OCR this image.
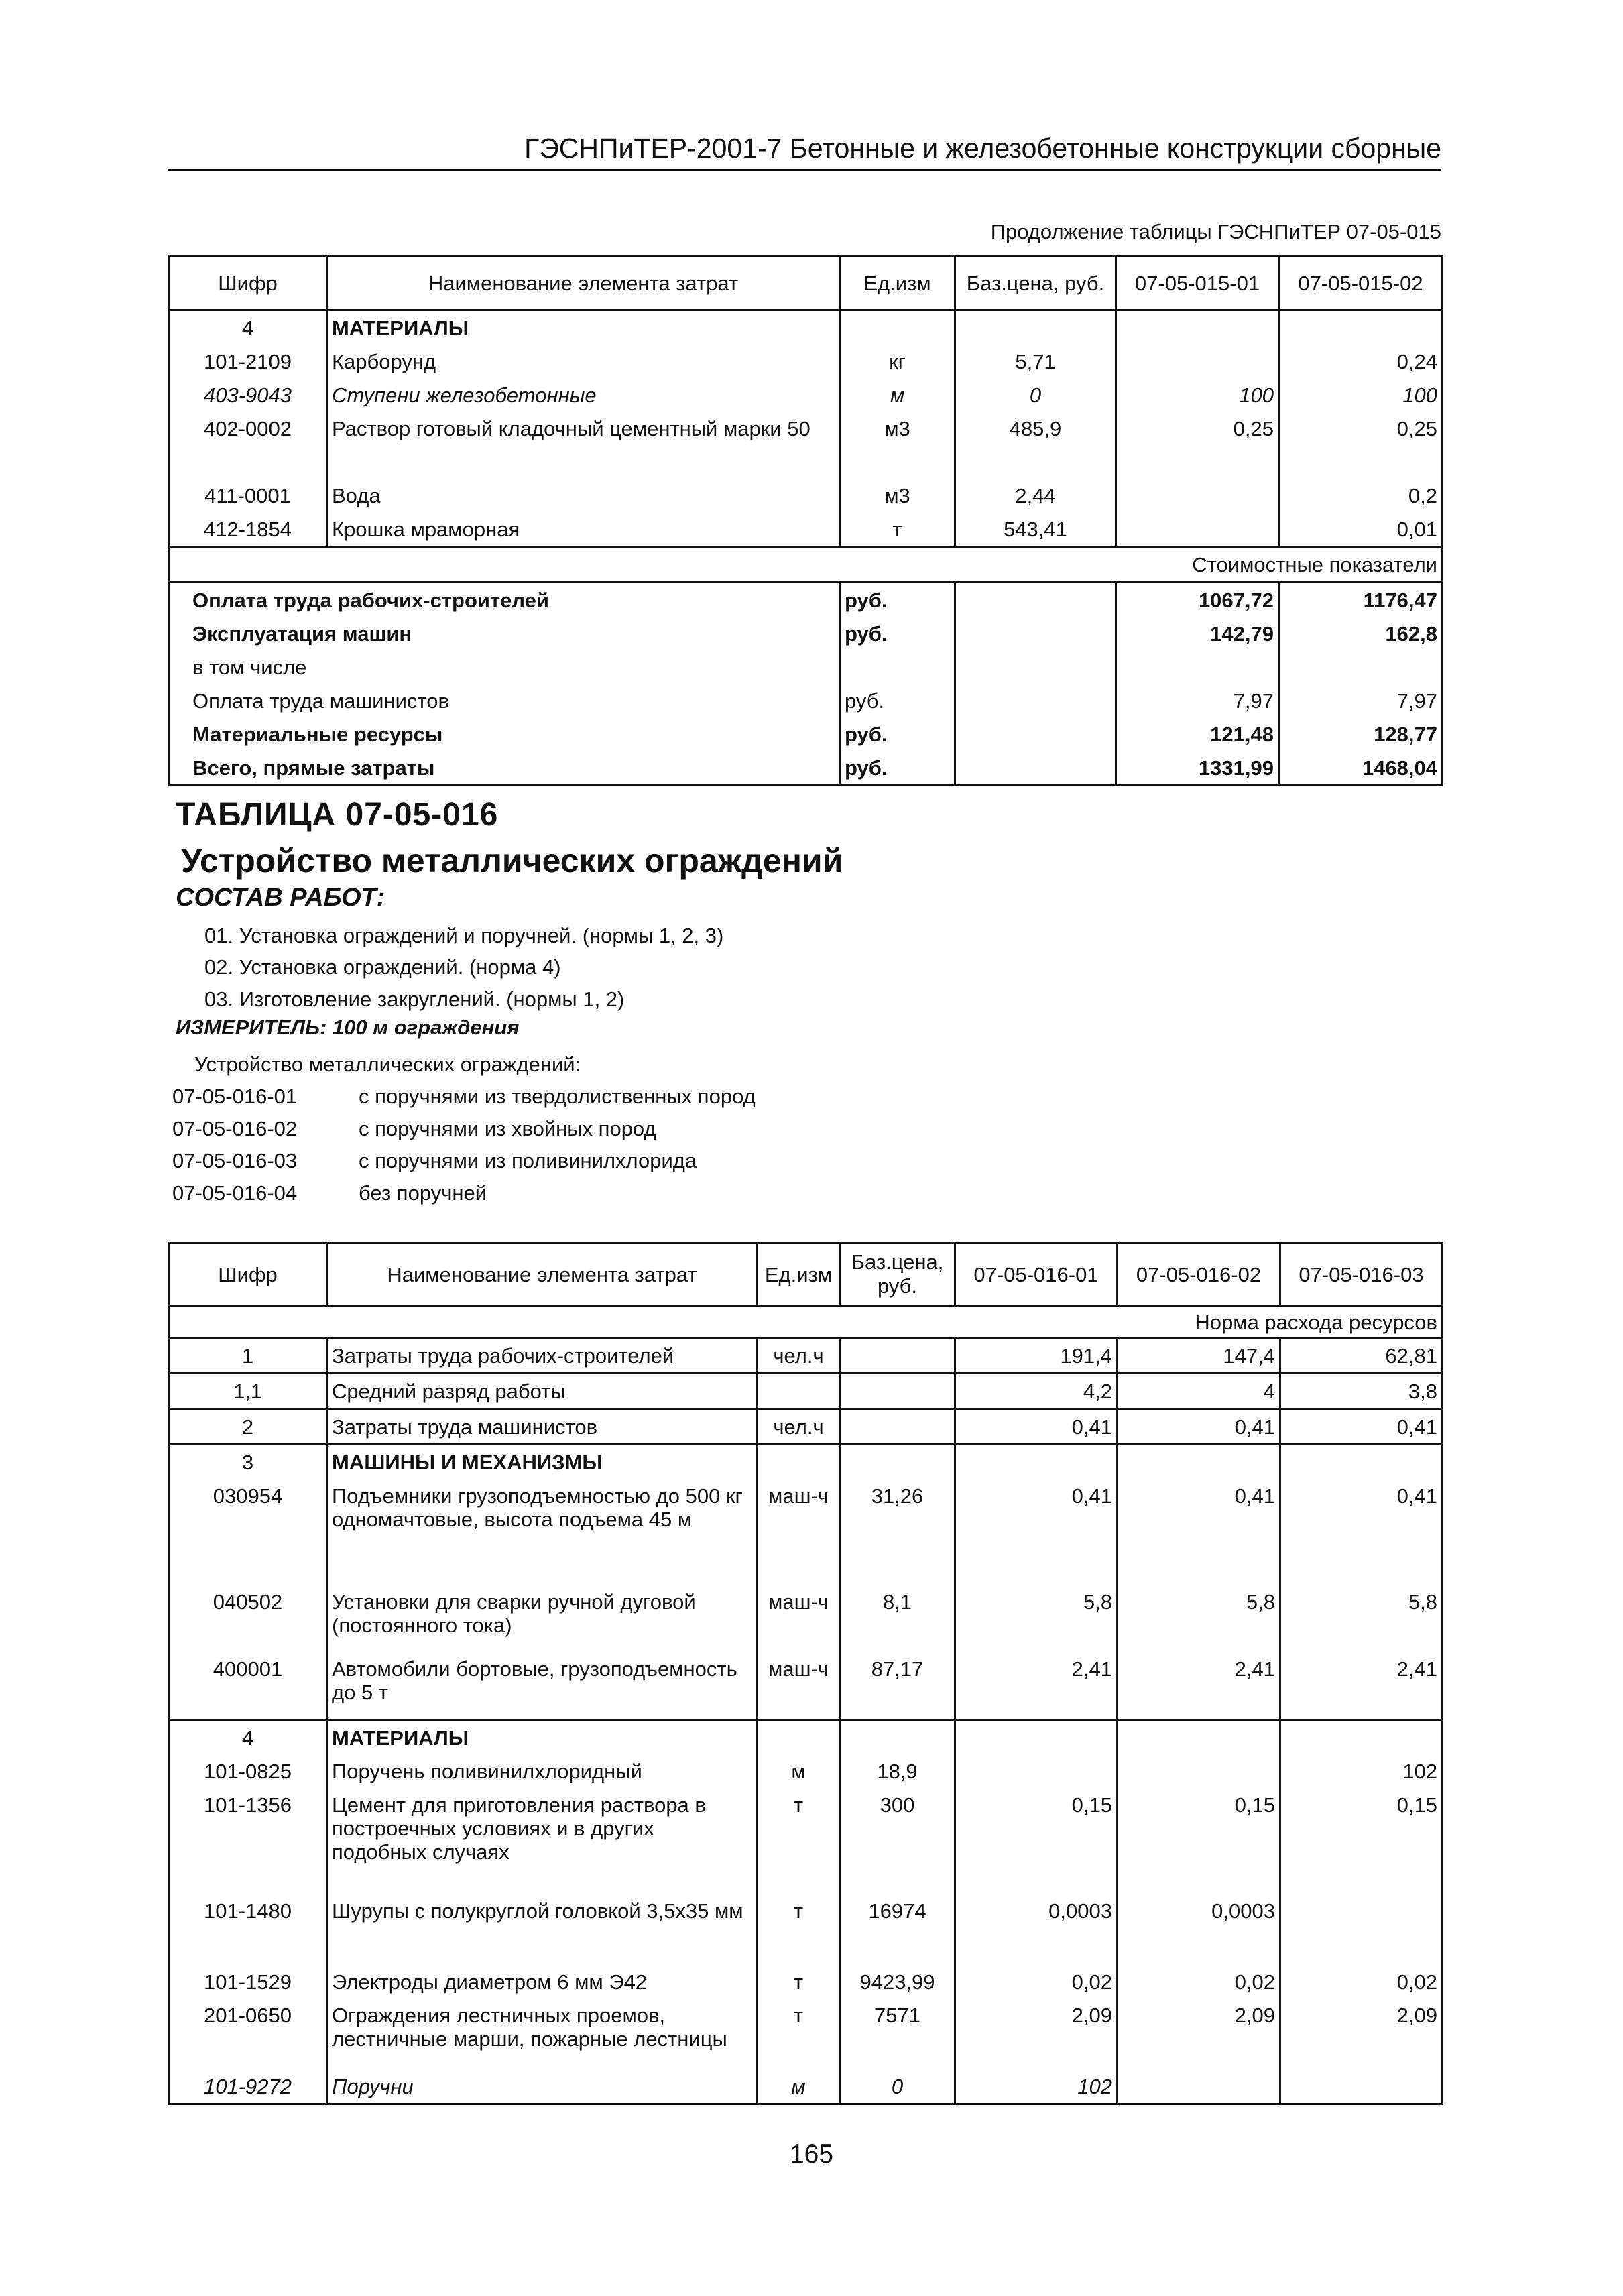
ГЭСНПиТЕР-2001-7 Бетонные и железобетонные конструкции сборные
Продолжение таблицы ГЭСНПиТЕР 07-05-015
Шифр	Наименование элемента затрат	Ед.изм	Баз.цена, руб.	07-05-015-01	07-05-015-02
4	МАТЕРИАЛЫ				
101-2109	Карборунд	кг	5,71		0,24
403-9043	Ступени железобетонные	м	0	100	100
402-0002	Раствор готовый кладочный цементный марки 50	м3	485,9	0,25	0,25
411-0001	Вода	м3	2,44		0,2
412-1854	Крошка мраморная	т	543,41		0,01
Стоимостные показатели					
Оплата труда рабочих-строителей		руб.		1067,72	1176,47
Эксплуатация машин		руб.		142,79	162,8
в том числе					
Оплата труда машинистов		руб.		7,97	7,97
Материальные ресурсы		руб.		121,48	128,77
Всего, прямые затраты		руб.		1331,99	1468,04
ТАБЛИЦА 07-05-016
Устройство металлических ограждений
СОСТАВ РАБОТ:
01. Установка ограждений и поручней. (нормы 1, 2, 3)
02. Установка ограждений. (норма 4)
03. Изготовление закруглений. (нормы 1, 2)
ИЗМЕРИТЕЛЬ: 100 м ограждения
Устройство металлических ограждений:
07-05-016-01	с поручнями из твердолиственных пород
07-05-016-02	с поручнями из хвойных пород
07-05-016-03	с поручнями из поливинилхлорида
07-05-016-04	без поручней
Шифр	Наименование элемента затрат	Ед.изм	Баз.цена, руб.	07-05-016-01	07-05-016-02	07-05-016-03
Норма расхода ресурсов						
1	Затраты труда рабочих-строителей	чел.ч		191,4	147,4	62,81
1,1	Средний разряд работы			4,2	4	3,8
2	Затраты труда машинистов	чел.ч		0,41	0,41	0,41
3	МАШИНЫ И МЕХАНИЗМЫ					
030954	Подъемники грузоподъемностью до 500 кг одномачтовые, высота подъема 45 м	маш-ч	31,26	0,41	0,41	0,41
040502	Установки для сварки ручной дуговой (постоянного тока)	маш-ч	8,1	5,8	5,8	5,8
400001	Автомобили бортовые, грузоподъемность до 5 т	маш-ч	87,17	2,41	2,41	2,41
4	МАТЕРИАЛЫ					
101-0825	Поручень поливинилхлоридный	м	18,9			102
101-1356	Цемент для приготовления раствора в построечных условиях и в других подобных случаях	т	300	0,15	0,15	0,15
101-1480	Шурупы с полукруглой головкой 3,5x35 мм	т	16974	0,0003	0,0003	
101-1529	Электроды диаметром 6 мм Э42	т	9423,99	0,02	0,02	0,02
201-0650	Ограждения лестничных проемов, лестничные марши, пожарные лестницы	т	7571	2,09	2,09	2,09
101-9272	Поручни	м	0	102		
165
